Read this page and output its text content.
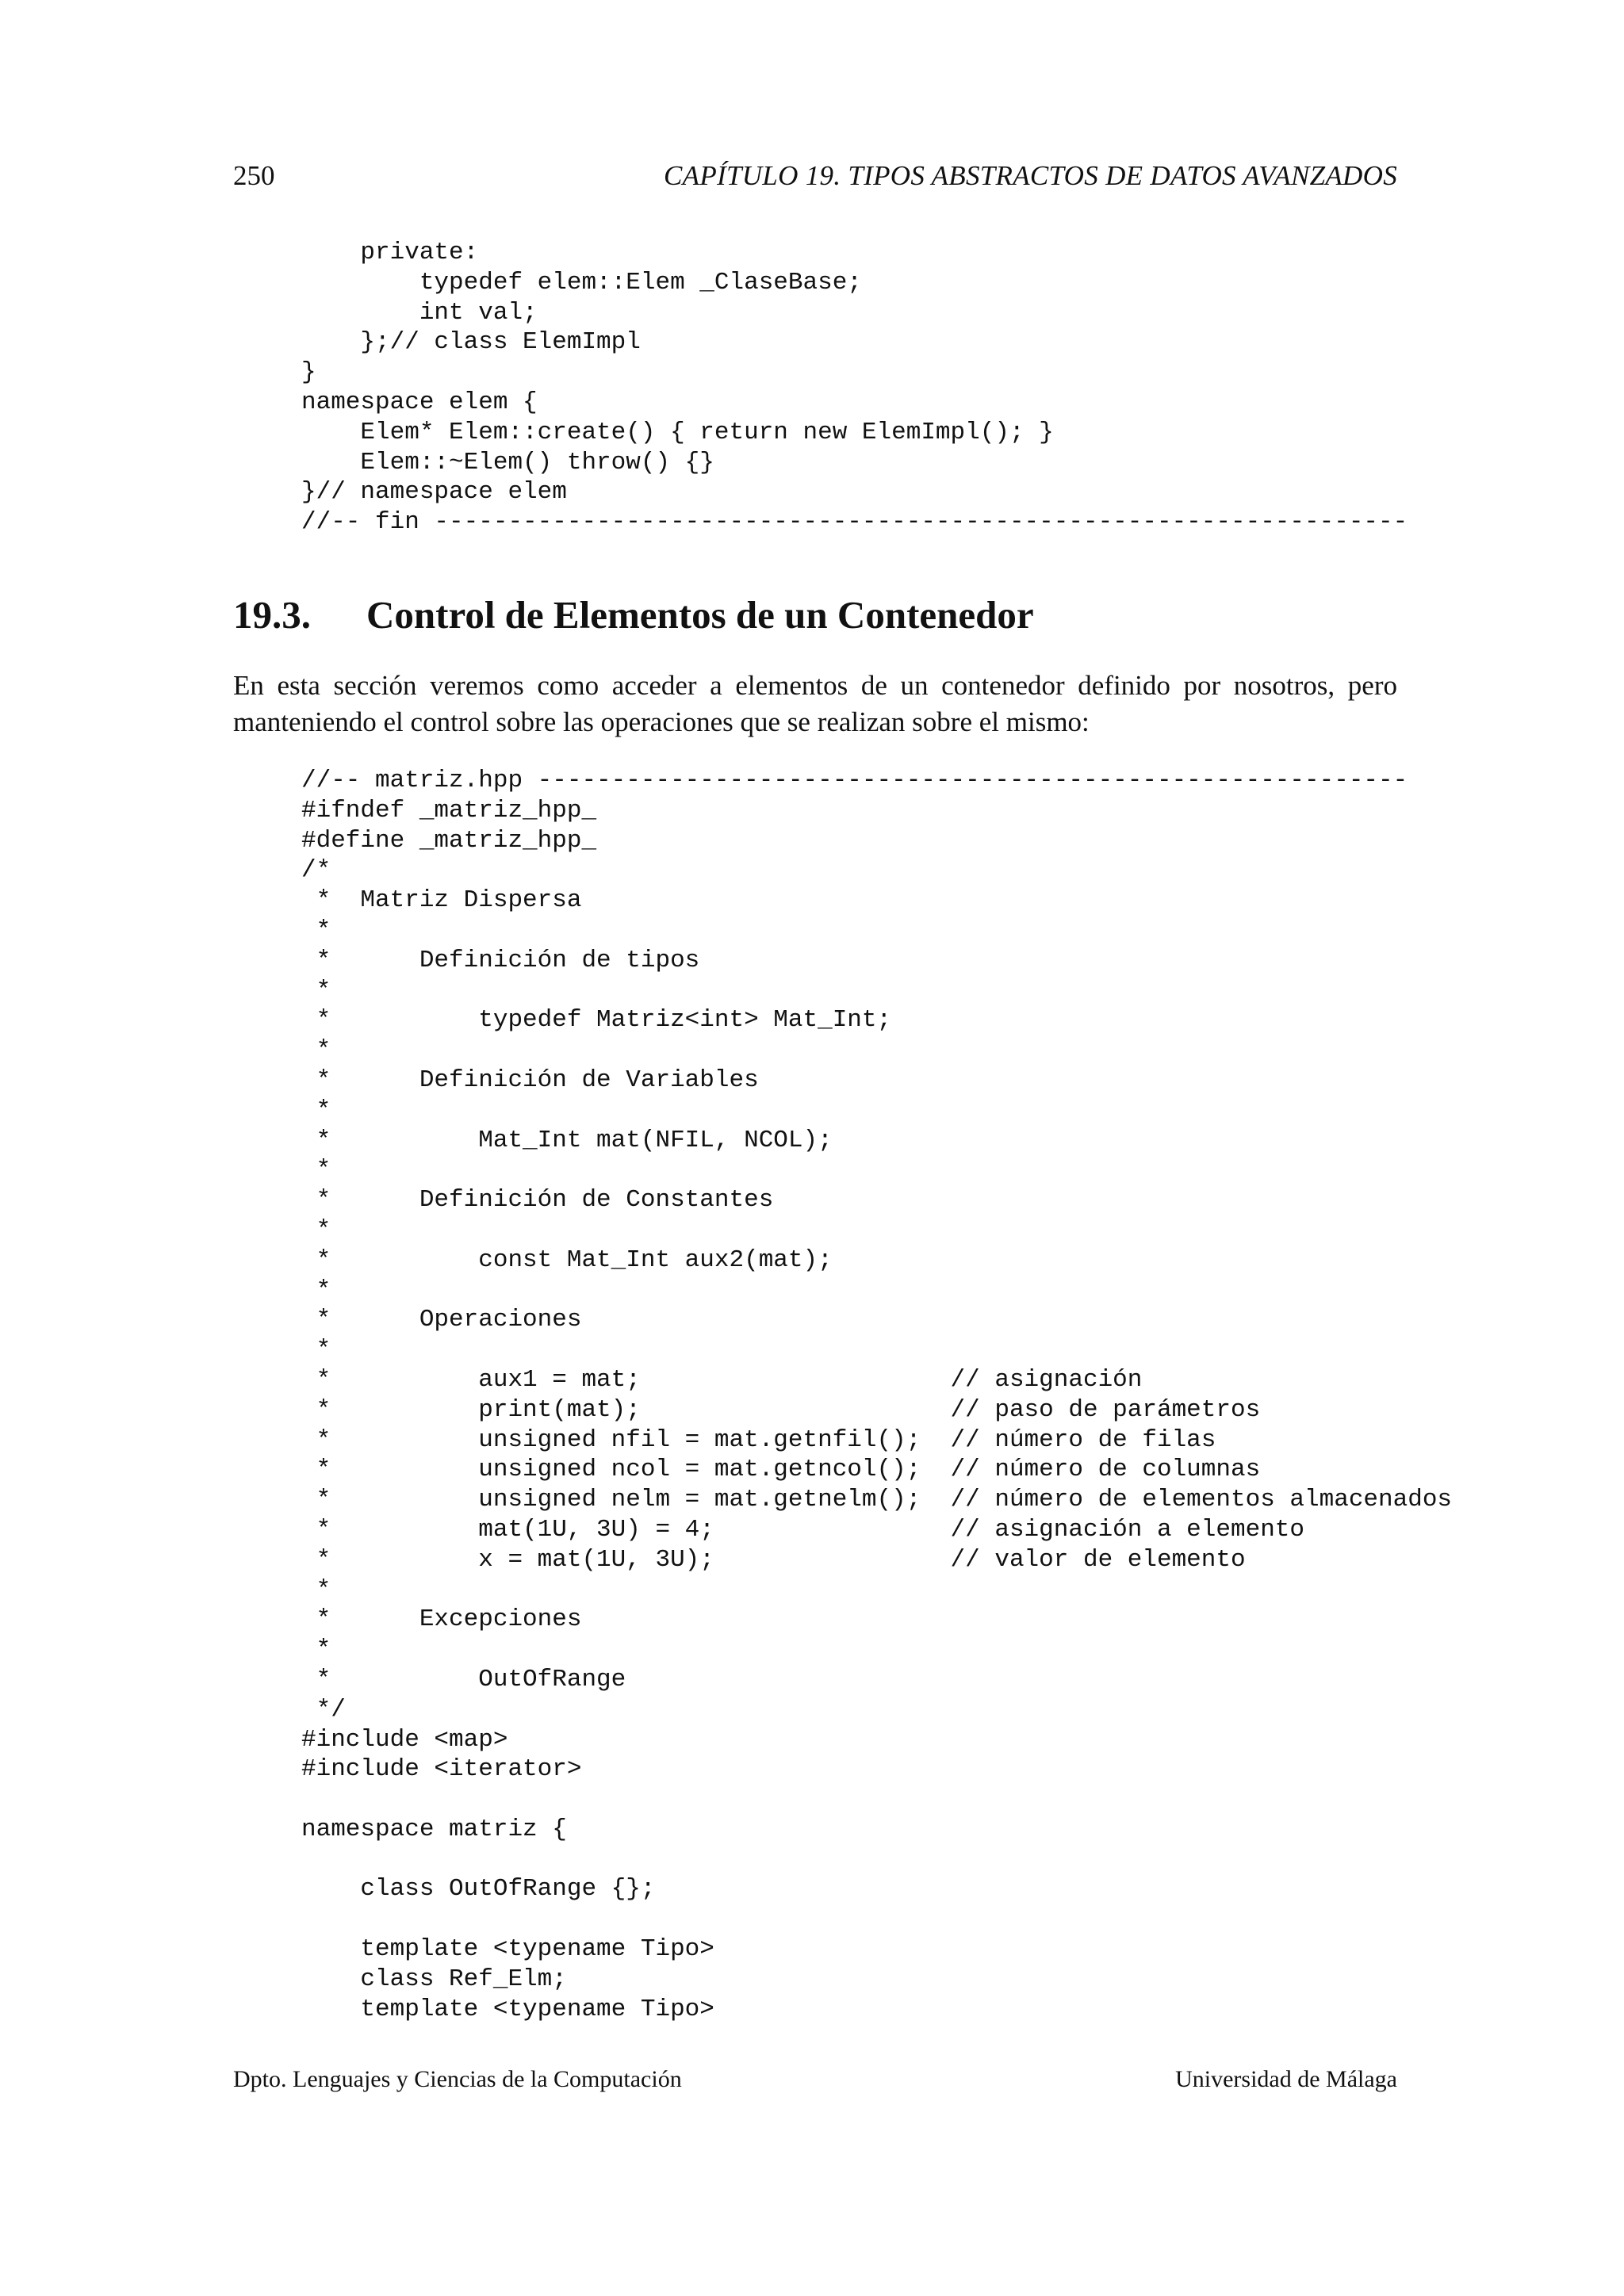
250	CAPÍTULO 19. TIPOS ABSTRACTOS DE DATOS AVANZADOS
private:
typedef elem::Elem _ClaseBase;
int val;
};// class ElemImpl
}
namespace elem {
Elem* Elem::create() { return new ElemImpl(); }
Elem::~Elem() throw() {}
}// namespace elem
//-- fin ------------------------------------------------------------------
19.3. Control de Elementos de un Contenedor

En esta sección veremos como acceder a elementos de un contenedor definido por nosotros, pero manteniendo el control sobre las operaciones que se realizan sobre el mismo:

//-- matriz.hpp -----------------------------------------------------------
#ifndef _matriz_hpp_
#define _matriz_hpp_
/*
*  Matriz Dispersa
*
*      Definición de tipos
*
*          typedef Matriz<int> Mat_Int;
*
*      Definición de Variables
*
*          Mat_Int mat(NFIL, NCOL);
*
*      Definición de Constantes
*
*          const Mat_Int aux2(mat);
*
*      Operaciones
*
*          aux1 = mat;                     // asignación
*          print(mat);                     // paso de parámetros
*          unsigned nfil = mat.getnfil();  // número de filas
*          unsigned ncol = mat.getncol();  // número de columnas
*          unsigned nelm = mat.getnelm();  // número de elementos almacenados
*          mat(1U, 3U) = 4;                // asignación a elemento
*          x = mat(1U, 3U);                // valor de elemento
*
*      Excepciones
*
*          OutOfRange
*/
#include <map>
#include <iterator>

namespace matriz {

class OutOfRange {};

template <typename Tipo>
class Ref_Elm;
template <typename Tipo>
Dpto. Lenguajes y Ciencias de la Computación	Universidad de Málaga
